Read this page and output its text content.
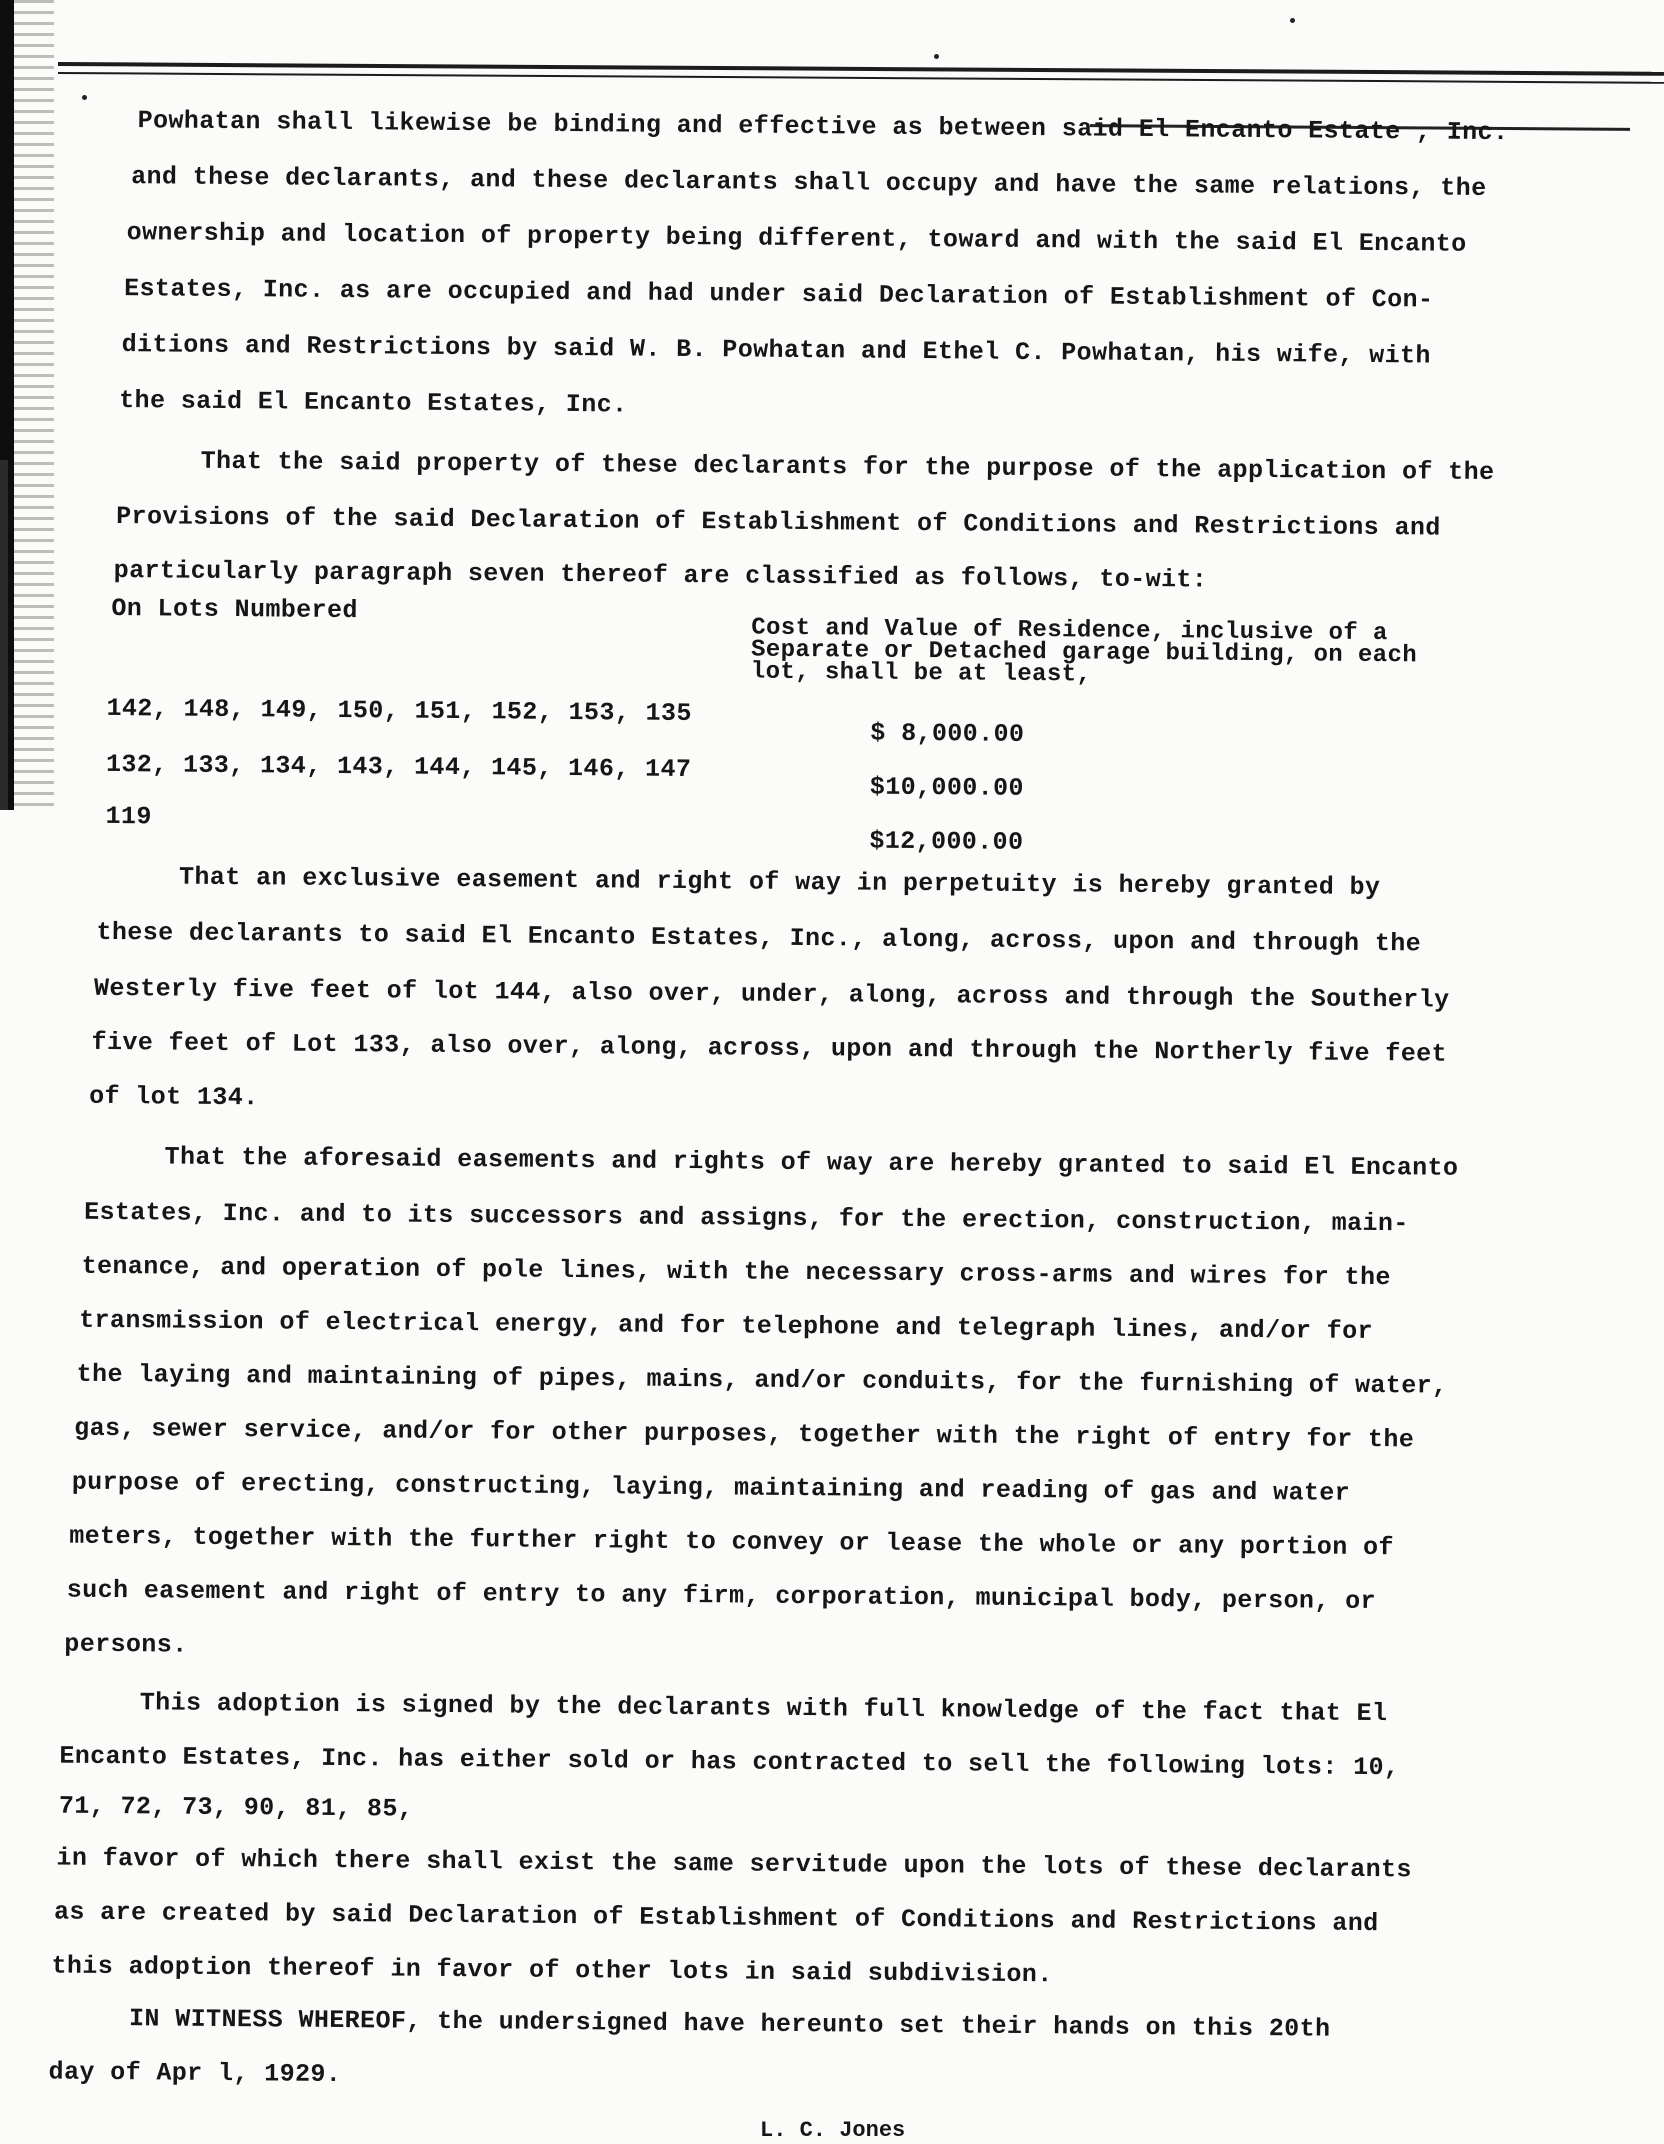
Powhatan shall likewise be binding and effective as between said El Encanto Estate , Inc.
and these declarants, and these declarants shall occupy and have the same relations, the
ownership and location of property being different, toward and with the said El Encanto
Estates, Inc. as are occupied and had under said Declaration of Establishment of Con-
ditions and Restrictions by said W. B. Powhatan and Ethel C. Powhatan, his wife, with
the said El Encanto Estates, Inc.
That the said property of these declarants for the purpose of the application of the
Provisions of the said Declaration of Establishment of Conditions and Restrictions and
particularly paragraph seven thereof are classified as follows, to-wit:
On Lots Numbered
Cost and Value of Residence, inclusive of a
Separate or Detached garage building, on each
lot, shall be at least,
142, 148, 149, 150, 151, 152, 153, 135
$ 8,000.00
132, 133, 134, 143, 144, 145, 146, 147
$10,000.00
119
$12,000.00
That an exclusive easement and right of way in perpetuity is hereby granted by
these declarants to said El Encanto Estates, Inc., along, across, upon and through the
Westerly five feet of lot 144, also over, under, along, across and through the Southerly
five feet of Lot 133, also over, along, across, upon and through the Northerly five feet
of lot 134.
That the aforesaid easements and rights of way are hereby granted to said El Encanto
Estates, Inc. and to its successors and assigns, for the erection, construction, main-
tenance, and operation of pole lines, with the necessary cross-arms and wires for the
transmission of electrical energy, and for telephone and telegraph lines, and/or for
the laying and maintaining of pipes, mains, and/or conduits, for the furnishing of water,
gas, sewer service, and/or for other purposes, together with the right of entry for the
purpose of erecting, constructing, laying, maintaining and reading of gas and water
meters, together with the further right to convey or lease the whole or any portion of
such easement and right of entry to any firm, corporation, municipal body, person, or
persons.
This adoption is signed by the declarants with full knowledge of the fact that El
Encanto Estates, Inc. has either sold or has contracted to sell the following lots: 10,
71, 72, 73, 90, 81, 85,
in favor of which there shall exist the same servitude upon the lots of these declarants
as are created by said Declaration of Establishment of Conditions and Restrictions and
this adoption thereof in favor of other lots in said subdivision.
IN WITNESS WHEREOF, the undersigned have hereunto set their hands on this 20th
day of Apr l, 1929.
L. C. Jones
